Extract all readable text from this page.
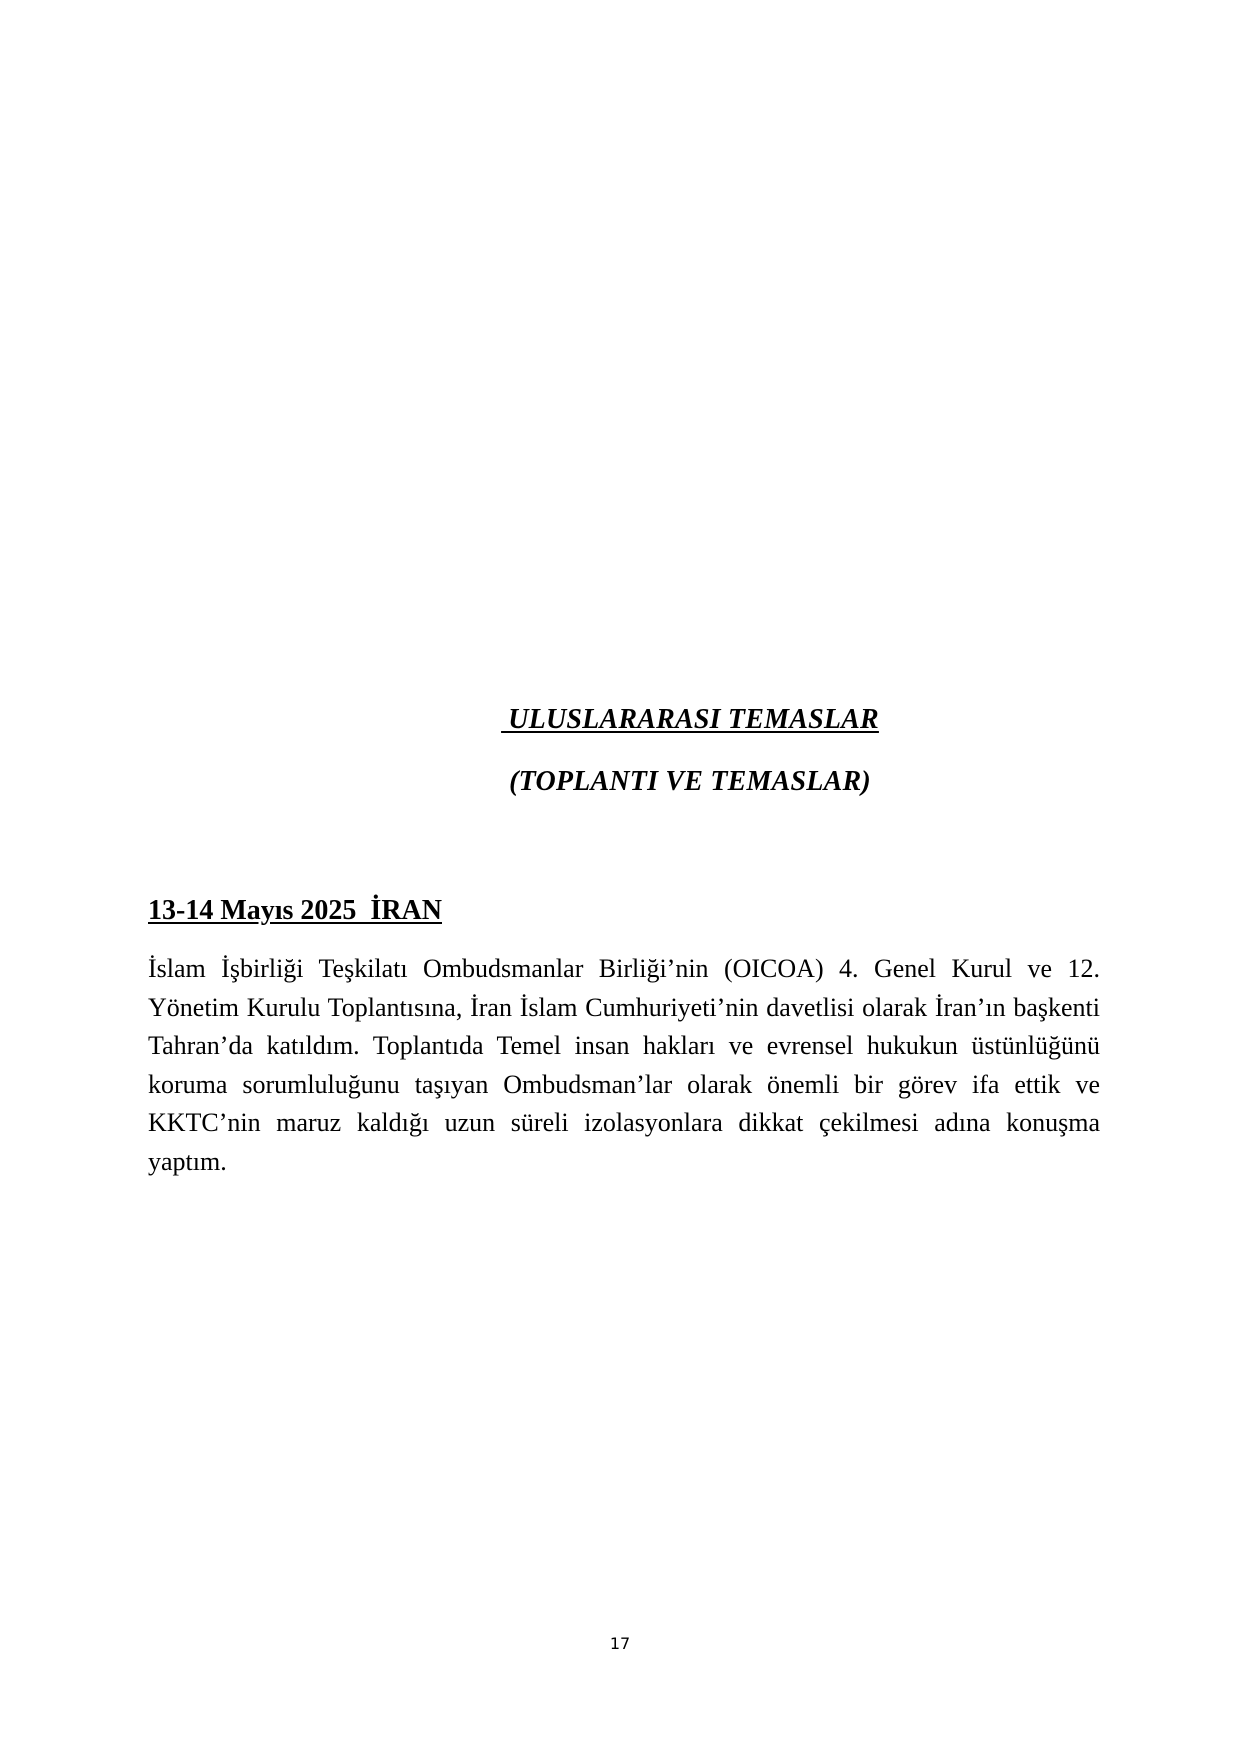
ULUSLARARASI TEMASLAR
(TOPLANTI VE TEMASLAR)
13-14 Mayıs 2025  İRAN

İslam İşbirliği Teşkilatı Ombudsmanlar Birliği’nin (OICOA) 4. Genel Kurul ve 12. Yönetim Kurulu Toplantısına, İran İslam Cumhuriyeti’nin davetlisi olarak İran’ın başkenti Tahran’da katıldım. Toplantıda Temel insan hakları ve evrensel hukukun üstünlüğünü koruma sorumluluğunu taşıyan Ombudsman’lar olarak önemli bir görev ifa ettik ve KKTC’nin maruz kaldığı uzun süreli izolasyonlara dikkat çekilmesi adına konuşma yaptım.

17
